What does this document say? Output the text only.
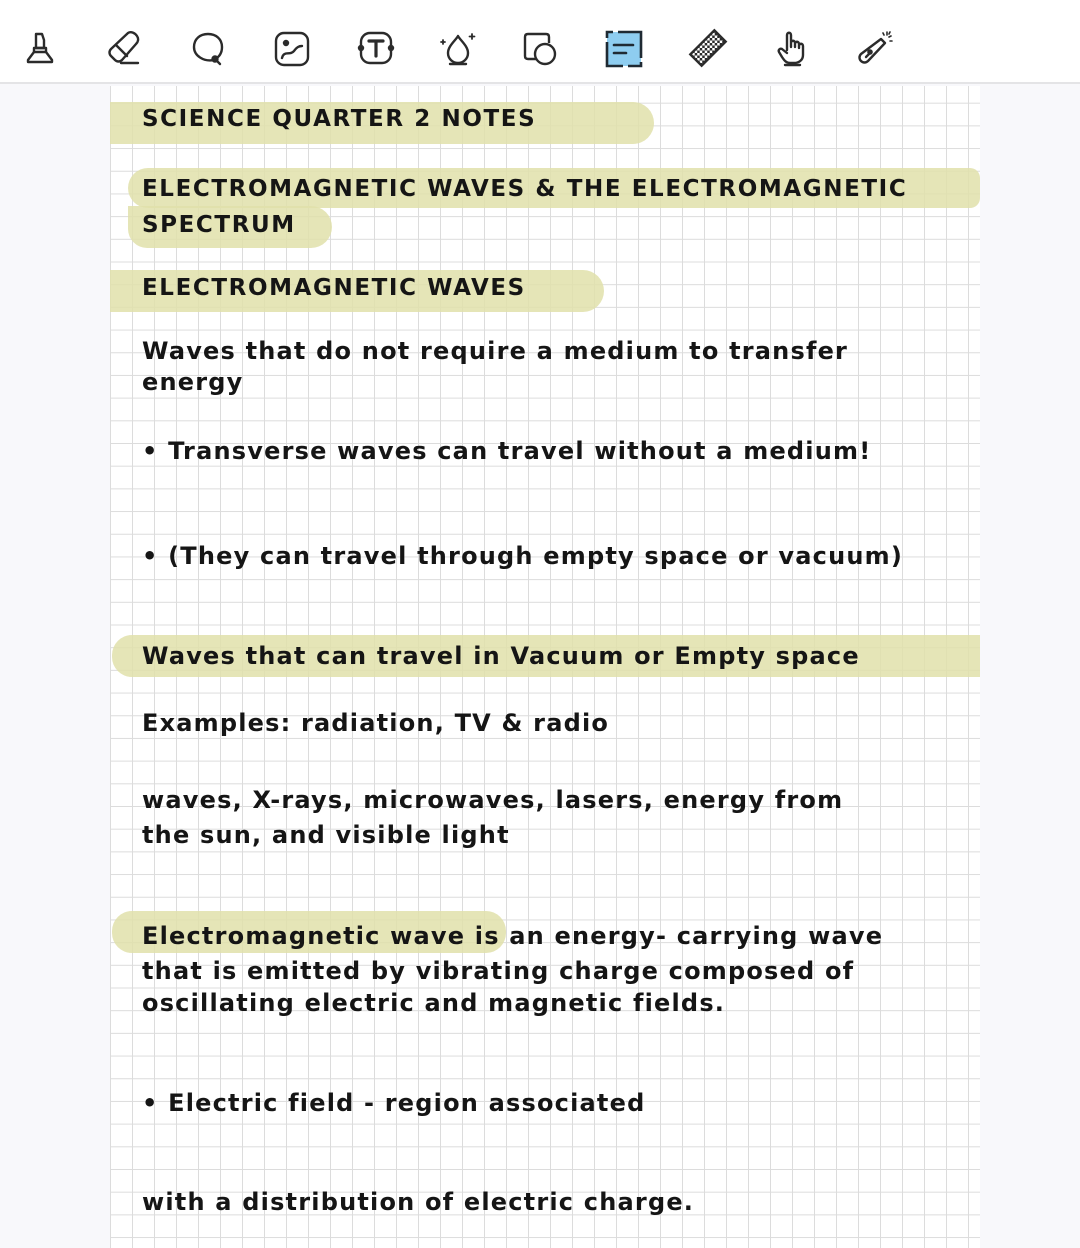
SCIENCE QUARTER 2 NOTES
ELECTROMAGNETIC WAVES & THE ELECTROMAGNETIC
SPECTRUM
ELECTROMAGNETIC WAVES
Waves that do not require a medium to transfer
energy
• Transverse waves can travel without a medium!
• (They can travel through empty space or vacuum)
Waves that can travel in Vacuum or Empty space
Examples: radiation, TV & radio
waves, X-rays, microwaves, lasers, energy from
the sun, and visible light
Electromagnetic wave is an energy- carrying wave
that is emitted by vibrating charge composed of
oscillating electric and magnetic fields.
• Electric field - region associated
with a distribution of electric charge.
